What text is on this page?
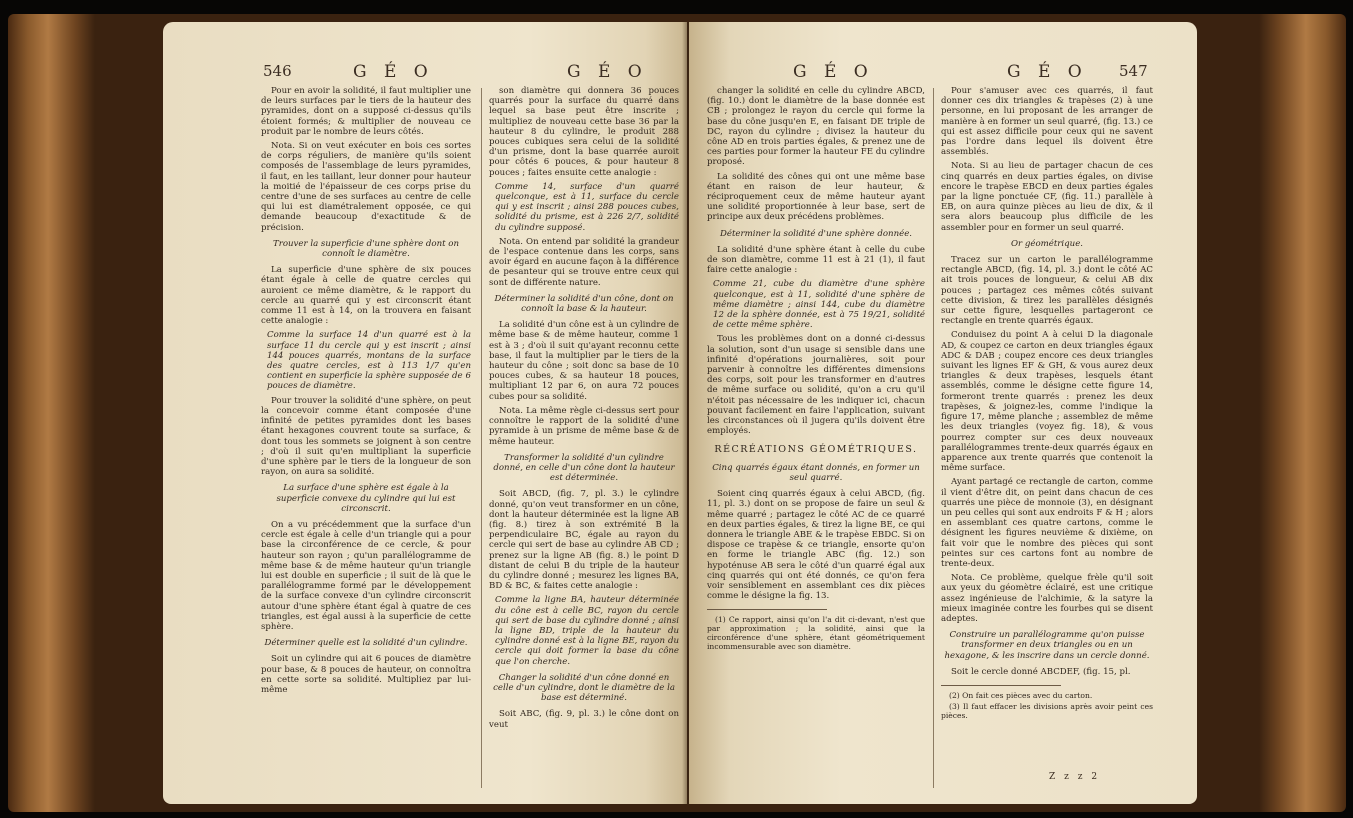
546	G É O	G É O

Pour en avoir la solidité, il faut multiplier une de leurs surfaces par le tiers de la hauteur des pyramides, dont on a supposé ci-dessus qu'ils étoient formés; & multiplier de nouveau ce produit par le nombre de leurs côtés.

Nota. Si on veut exécuter en bois ces sortes de corps réguliers, de manière qu'ils soient composés de l'assemblage de leurs pyramides, il faut, en les taillant, leur donner pour hauteur la moitié de l'épaisseur de ces corps prise du centre d'une de ses surfaces au centre de celle qui lui est diamétralement opposée, ce qui demande beaucoup d'exactitude & de précision.

Trouver la superficie d'une sphère dont on connoît le diamètre.

La superficie d'une sphère de six pouces étant égale à celle de quatre cercles qui auroient ce même diamètre, & le rapport du cercle au quarré qui y est circonscrit étant comme 11 est à 14, on la trouvera en faisant cette analogie :

Comme la surface 14 d'un quarré est à la surface 11 du cercle qui y est inscrit ; ainsi 144 pouces quarrés, montans de la surface des quatre cercles, est à 113 1/7 qu'en contient en superficie la sphère supposée de 6 pouces de diamètre.

Pour trouver la solidité d'une sphère, on peut la concevoir comme étant composée d'une infinité de petites pyramides dont les bases étant hexagones couvrent toute sa surface, & dont tous les sommets se joignent à son centre ; d'où il suit qu'en multipliant la superficie d'une sphère par le tiers de la longueur de son rayon, on aura sa solidité.

La surface d'une sphère est égale à la superficie convexe du cylindre qui lui est circonscrit.

On a vu précédemment que la surface d'un cercle est égale à celle d'un triangle qui a pour base la circonférence de ce cercle, & pour hauteur son rayon ; qu'un parallélogramme de même base & de même hauteur qu'un triangle lui est double en superficie ; il suit de là que le parallélogramme formé par le développement de la surface convexe d'un cylindre circonscrit autour d'une sphère étant égal à quatre de ces triangles, est égal aussi à la superficie de cette sphère.

Déterminer quelle est la solidité d'un cylindre.

Soit un cylindre qui ait 6 pouces de diamètre pour base, & 8 pouces de hauteur, on connoîtra en cette sorte sa solidité. Multipliez par lui-même

son diamètre qui donnera 36 pouces quarrés pour la surface du quarré dans lequel sa base peut être inscrite ; multipliez de nouveau cette base 36 par la hauteur 8 du cylindre, le produit 288 pouces cubiques sera celui de la solidité d'un prisme, dont la base quarrée auroit pour côtés 6 pouces, & pour hauteur 8 pouces ; faites ensuite cette analogie :

Comme 14, surface d'un quarré quelconque, est à 11, surface du cercle qui y est inscrit ; ainsi 288 pouces cubes, solidité du prisme, est à 226 2/7, solidité du cylindre supposé.

Nota. On entend par solidité la grandeur de l'espace contenue dans les corps, sans avoir égard en aucune façon à la différence de pesanteur qui se trouve entre ceux qui sont de différente nature.

Déterminer la solidité d'un cône, dont on connoît la base & la hauteur.

La solidité d'un cône est à un cylindre de même base & de même hauteur, comme 1 est à 3 ; d'où il suit qu'ayant reconnu cette base, il faut la multiplier par le tiers de la hauteur du cône ; soit donc sa base de 10 pouces cubes, & sa hauteur 18 pouces, multipliant 12 par 6, on aura 72 pouces cubes pour sa solidité.

Nota. La même règle ci-dessus sert pour connoître le rapport de la solidité d'une pyramide à un prisme de même base & de même hauteur.

Transformer la solidité d'un cylindre donné, en celle d'un cône dont la hauteur est déterminée.

Soit ABCD, (fig. 7, pl. 3.) le cylindre donné, qu'on veut transformer en un cône, dont la hauteur déterminée est la ligne AB (fig. 8.) tirez à son extrémité B la perpendiculaire BC, égale au rayon du cercle qui sert de base au cylindre AB CD ; prenez sur la ligne AB (fig. 8.) le point D distant de celui B du triple de la hauteur du cylindre donné ; mesurez les lignes BA, BD & BC, & faites cette analogie :

Comme la ligne BA, hauteur déterminée du cône est à celle BC, rayon du cercle qui sert de base du cylindre donné ; ainsi la ligne BD, triple de la hauteur du cylindre donné est à la ligne BE, rayon du cercle qui doit former la base du cône que l'on cherche.

Changer la solidité d'un cône donné en celle d'un cylindre, dont le diamètre de la base est déterminé.

Soit ABC, (fig. 9, pl. 3.) le cône dont on veut

G É O	G É O 547

changer la solidité en celle du cylindre ABCD, (fig. 10.) dont le diamètre de la base donnée est CB ; prolongez le rayon du cercle qui forme la base du cône jusqu'en E, en faisant DE triple de DC, rayon du cylindre ; divisez la hauteur du cône AD en trois parties égales, & prenez une de ces parties pour former la hauteur FE du cylindre proposé.

La solidité des cônes qui ont une même base étant en raison de leur hauteur, & réciproquement ceux de même hauteur ayant une solidité proportionnée à leur base, sert de principe aux deux précédens problèmes.

Déterminer la solidité d'une sphère donnée.

La solidité d'une sphère étant à celle du cube de son diamètre, comme 11 est à 21 (1), il faut faire cette analogie :

Comme 21, cube du diamètre d'une sphère quelconque, est à 11, solidité d'une sphère de même diamètre ; ainsi 144, cube du diamètre 12 de la sphère donnée, est à 75 19/21, solidité de cette même sphère.

Tous les problèmes dont on a donné ci-dessus la solution, sont d'un usage si sensible dans une infinité d'opérations journalières, soit pour parvenir à connoître les différentes dimensions des corps, soit pour les transformer en d'autres de même surface ou solidité, qu'on a cru qu'il n'étoit pas nécessaire de les indiquer ici, chacun pouvant facilement en faire l'application, suivant les circonstances où il jugera qu'ils doivent être employés.

RÉCRÉATIONS GÉOMÉTRIQUES.

Cinq quarrés égaux étant donnés, en former un seul quarré.

Soient cinq quarrés égaux à celui ABCD, (fig. 11, pl. 3.) dont on se propose de faire un seul & même quarré ; partagez le côté AC de ce quarré en deux parties égales, & tirez la ligne BE, ce qui donnera le triangle ABE & le trapèse EBDC. Si on dispose ce trapèse & ce triangle, ensorte qu'on en forme le triangle ABC (fig. 12.) son hypoténuse AB sera le côté d'un quarré égal aux cinq quarrés qui ont été donnés, ce qu'on fera voir sensiblement en assemblant ces dix pièces comme le désigne la fig. 13.

(1) Ce rapport, ainsi qu'on l'a dit ci-devant, n'est que par approximation ; la solidité, ainsi que la circonférence d'une sphère, étant géométriquement incommensurable avec son diamètre.

Pour s'amuser avec ces quarrés, il faut donner ces dix triangles & trapèses (2) à une personne, en lui proposant de les arranger de manière à en former un seul quarré, (fig. 13.) ce qui est assez difficile pour ceux qui ne savent pas l'ordre dans lequel ils doivent être assemblés.

Nota. Si au lieu de partager chacun de ces cinq quarrés en deux parties égales, on divise encore le trapèse EBCD en deux parties égales par la ligne ponctuée CF, (fig. 11.) parallèle à EB, on aura quinze pièces au lieu de dix, & il sera alors beaucoup plus difficile de les assembler pour en former un seul quarré.

Or géométrique.

Tracez sur un carton le parallélogramme rectangle ABCD, (fig. 14, pl. 3.) dont le côté AC ait trois pouces de longueur, & celui AB dix pouces ; partagez ces mêmes côtés suivant cette division, & tirez les parallèles désignés sur cette figure, lesquelles partageront ce rectangle en trente quarrés égaux.

Conduisez du point A à celui D la diagonale AD, & coupez ce carton en deux triangles égaux ADC & DAB ; coupez encore ces deux triangles suivant les lignes EF & GH, & vous aurez deux triangles & deux trapèses, lesquels étant assemblés, comme le désigne cette figure 14, formeront trente quarrés : prenez les deux trapèses, & joignez-les, comme l'indique la figure 17, même planche ; assemblez de même les deux triangles (voyez fig. 18), & vous pourrez compter sur ces deux nouveaux parallélogrammes trente-deux quarrés égaux en apparence aux trente quarrés que contenoit la même surface.

Ayant partagé ce rectangle de carton, comme il vient d'être dit, on peint dans chacun de ces quarrés une pièce de monnoie (3), en désignant un peu celles qui sont aux endroits F & H ; alors en assemblant ces quatre cartons, comme le désignent les figures neuvième & dixième, on fait voir que le nombre des pièces qui sont peintes sur ces cartons font au nombre de trente-deux.

Nota. Ce problème, quelque frèle qu'il soit aux yeux du géomètre éclairé, est une critique assez ingénieuse de l'alchimie, & la satyre la mieux imaginée contre les fourbes qui se disent adeptes.

Construire un parallélogramme qu'on puisse transformer en deux triangles ou en un hexagone, & les inscrire dans un cercle donné.

Soit le cercle donné ABCDEF, (fig. 15, pl.

(2) On fait ces pièces avec du carton.

(3) Il faut effacer les divisions après avoir peint ces pièces.

Z z z 2
